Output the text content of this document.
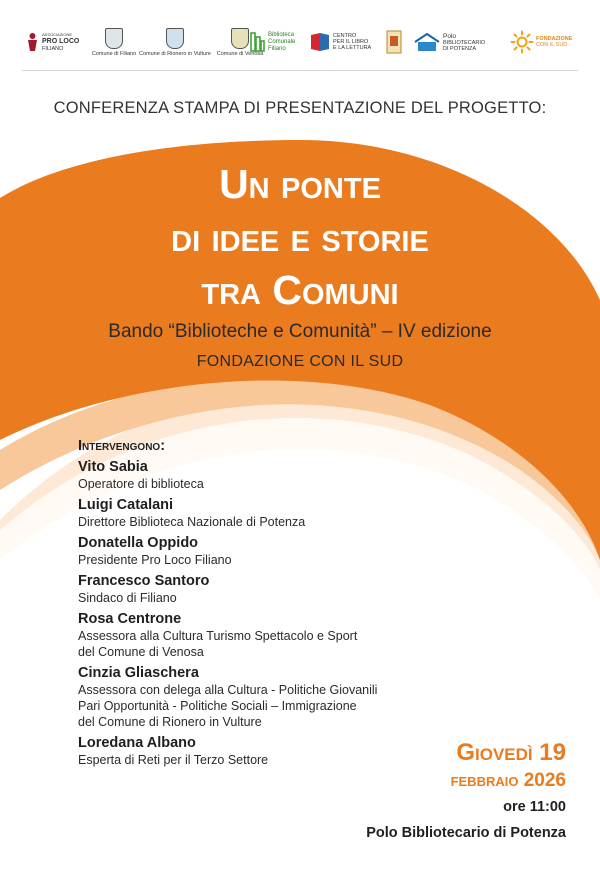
ASSOCIAZIONE
PRO LOCO
FILIANO
Comune di Filiano Comune di Rionero in Vulture Comune di Venosa
Biblioteca
Comunale
Filiano
CENTRO
PER IL LIBRO
E LA LETTURA
Polo
BIBLIOTECARIO
DI POTENZA
FONDAZIONE
CON IL SUD
CONFERENZA STAMPA DI PRESENTAZIONE DEL PROGETTO:
Un ponte
di idee e storie
tra Comuni
Bando “Biblioteche e Comunità” – IV edizione
FONDAZIONE CON IL SUD
Intervengono:
Vito Sabia
Operatore di biblioteca
Luigi Catalani
Direttore Biblioteca Nazionale di Potenza
Donatella Oppido
Presidente Pro Loco Filiano
Francesco Santoro
Sindaco di Filiano
Rosa Centrone
Assessora alla Cultura Turismo Spettacolo e Sport
del Comune di Venosa
Cinzia Gliaschera
Assessora con delega alla Cultura - Politiche Giovanili
Pari Opportunità - Politiche Sociali – Immigrazione
del Comune di Rionero in Vulture
Loredana Albano
Esperta di Reti per il Terzo Settore	Giovedì 19
febbraio 2026
ore 11:00
Polo Bibliotecario di Potenza
